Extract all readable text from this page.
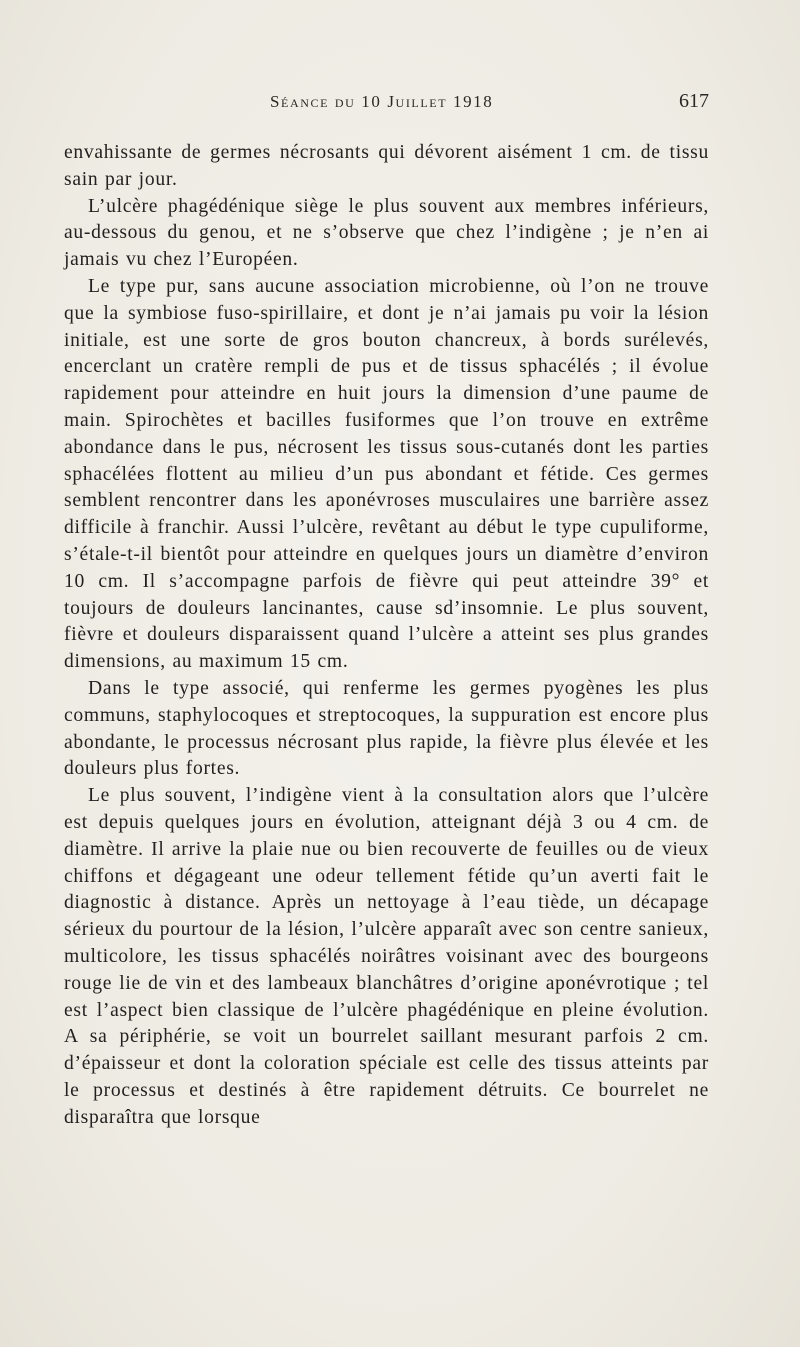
Séance du 10 Juillet 1918	617

envahissante de germes nécrosants qui dévorent aisément 1 cm. de tissu sain par jour.

L’ulcère phagédénique siège le plus souvent aux membres inférieurs, au-dessous du genou, et ne s’observe que chez l’indigène ; je n’en ai jamais vu chez l’Européen.

Le type pur, sans aucune association microbienne, où l’on ne trouve que la symbiose fuso-spirillaire, et dont je n’ai jamais pu voir la lésion initiale, est une sorte de gros bouton chancreux, à bords surélevés, encerclant un cratère rempli de pus et de tissus sphacélés ; il évolue rapidement pour atteindre en huit jours la dimension d’une paume de main. Spirochètes et bacilles fusiformes que l’on trouve en extrême abondance dans le pus, nécrosent les tissus sous-cutanés dont les parties sphacélées flottent au milieu d’un pus abondant et fétide. Ces germes semblent rencontrer dans les aponévroses musculaires une barrière assez difficile à franchir. Aussi l’ulcère, revêtant au début le type cupuliforme, s’étale-t-il bientôt pour atteindre en quelques jours un diamètre d’environ 10 cm. Il s’accompagne parfois de fièvre qui peut atteindre 39° et toujours de douleurs lancinantes, cause sd’insomnie. Le plus souvent, fièvre et douleurs disparaissent quand l’ulcère a atteint ses plus grandes dimensions, au maximum 15 cm.

Dans le type associé, qui renferme les germes pyogènes les plus communs, staphylocoques et streptocoques, la suppuration est encore plus abondante, le processus nécrosant plus rapide, la fièvre plus élevée et les douleurs plus fortes.

Le plus souvent, l’indigène vient à la consultation alors que l’ulcère est depuis quelques jours en évolution, atteignant déjà 3 ou 4 cm. de diamètre. Il arrive la plaie nue ou bien recouverte de feuilles ou de vieux chiffons et dégageant une odeur tellement fétide qu’un averti fait le diagnostic à distance. Après un nettoyage à l’eau tiède, un décapage sérieux du pourtour de la lésion, l’ulcère apparaît avec son centre sanieux, multicolore, les tissus sphacélés noirâtres voisinant avec des bourgeons rouge lie de vin et des lambeaux blanchâtres d’origine aponévrotique ; tel est l’aspect bien classique de l’ulcère phagédénique en pleine évolution. A sa périphérie, se voit un bourrelet saillant mesurant parfois 2 cm. d’épaisseur et dont la coloration spéciale est celle des tissus atteints par le processus et destinés à être rapidement détruits. Ce bourrelet ne disparaîtra que lorsque
